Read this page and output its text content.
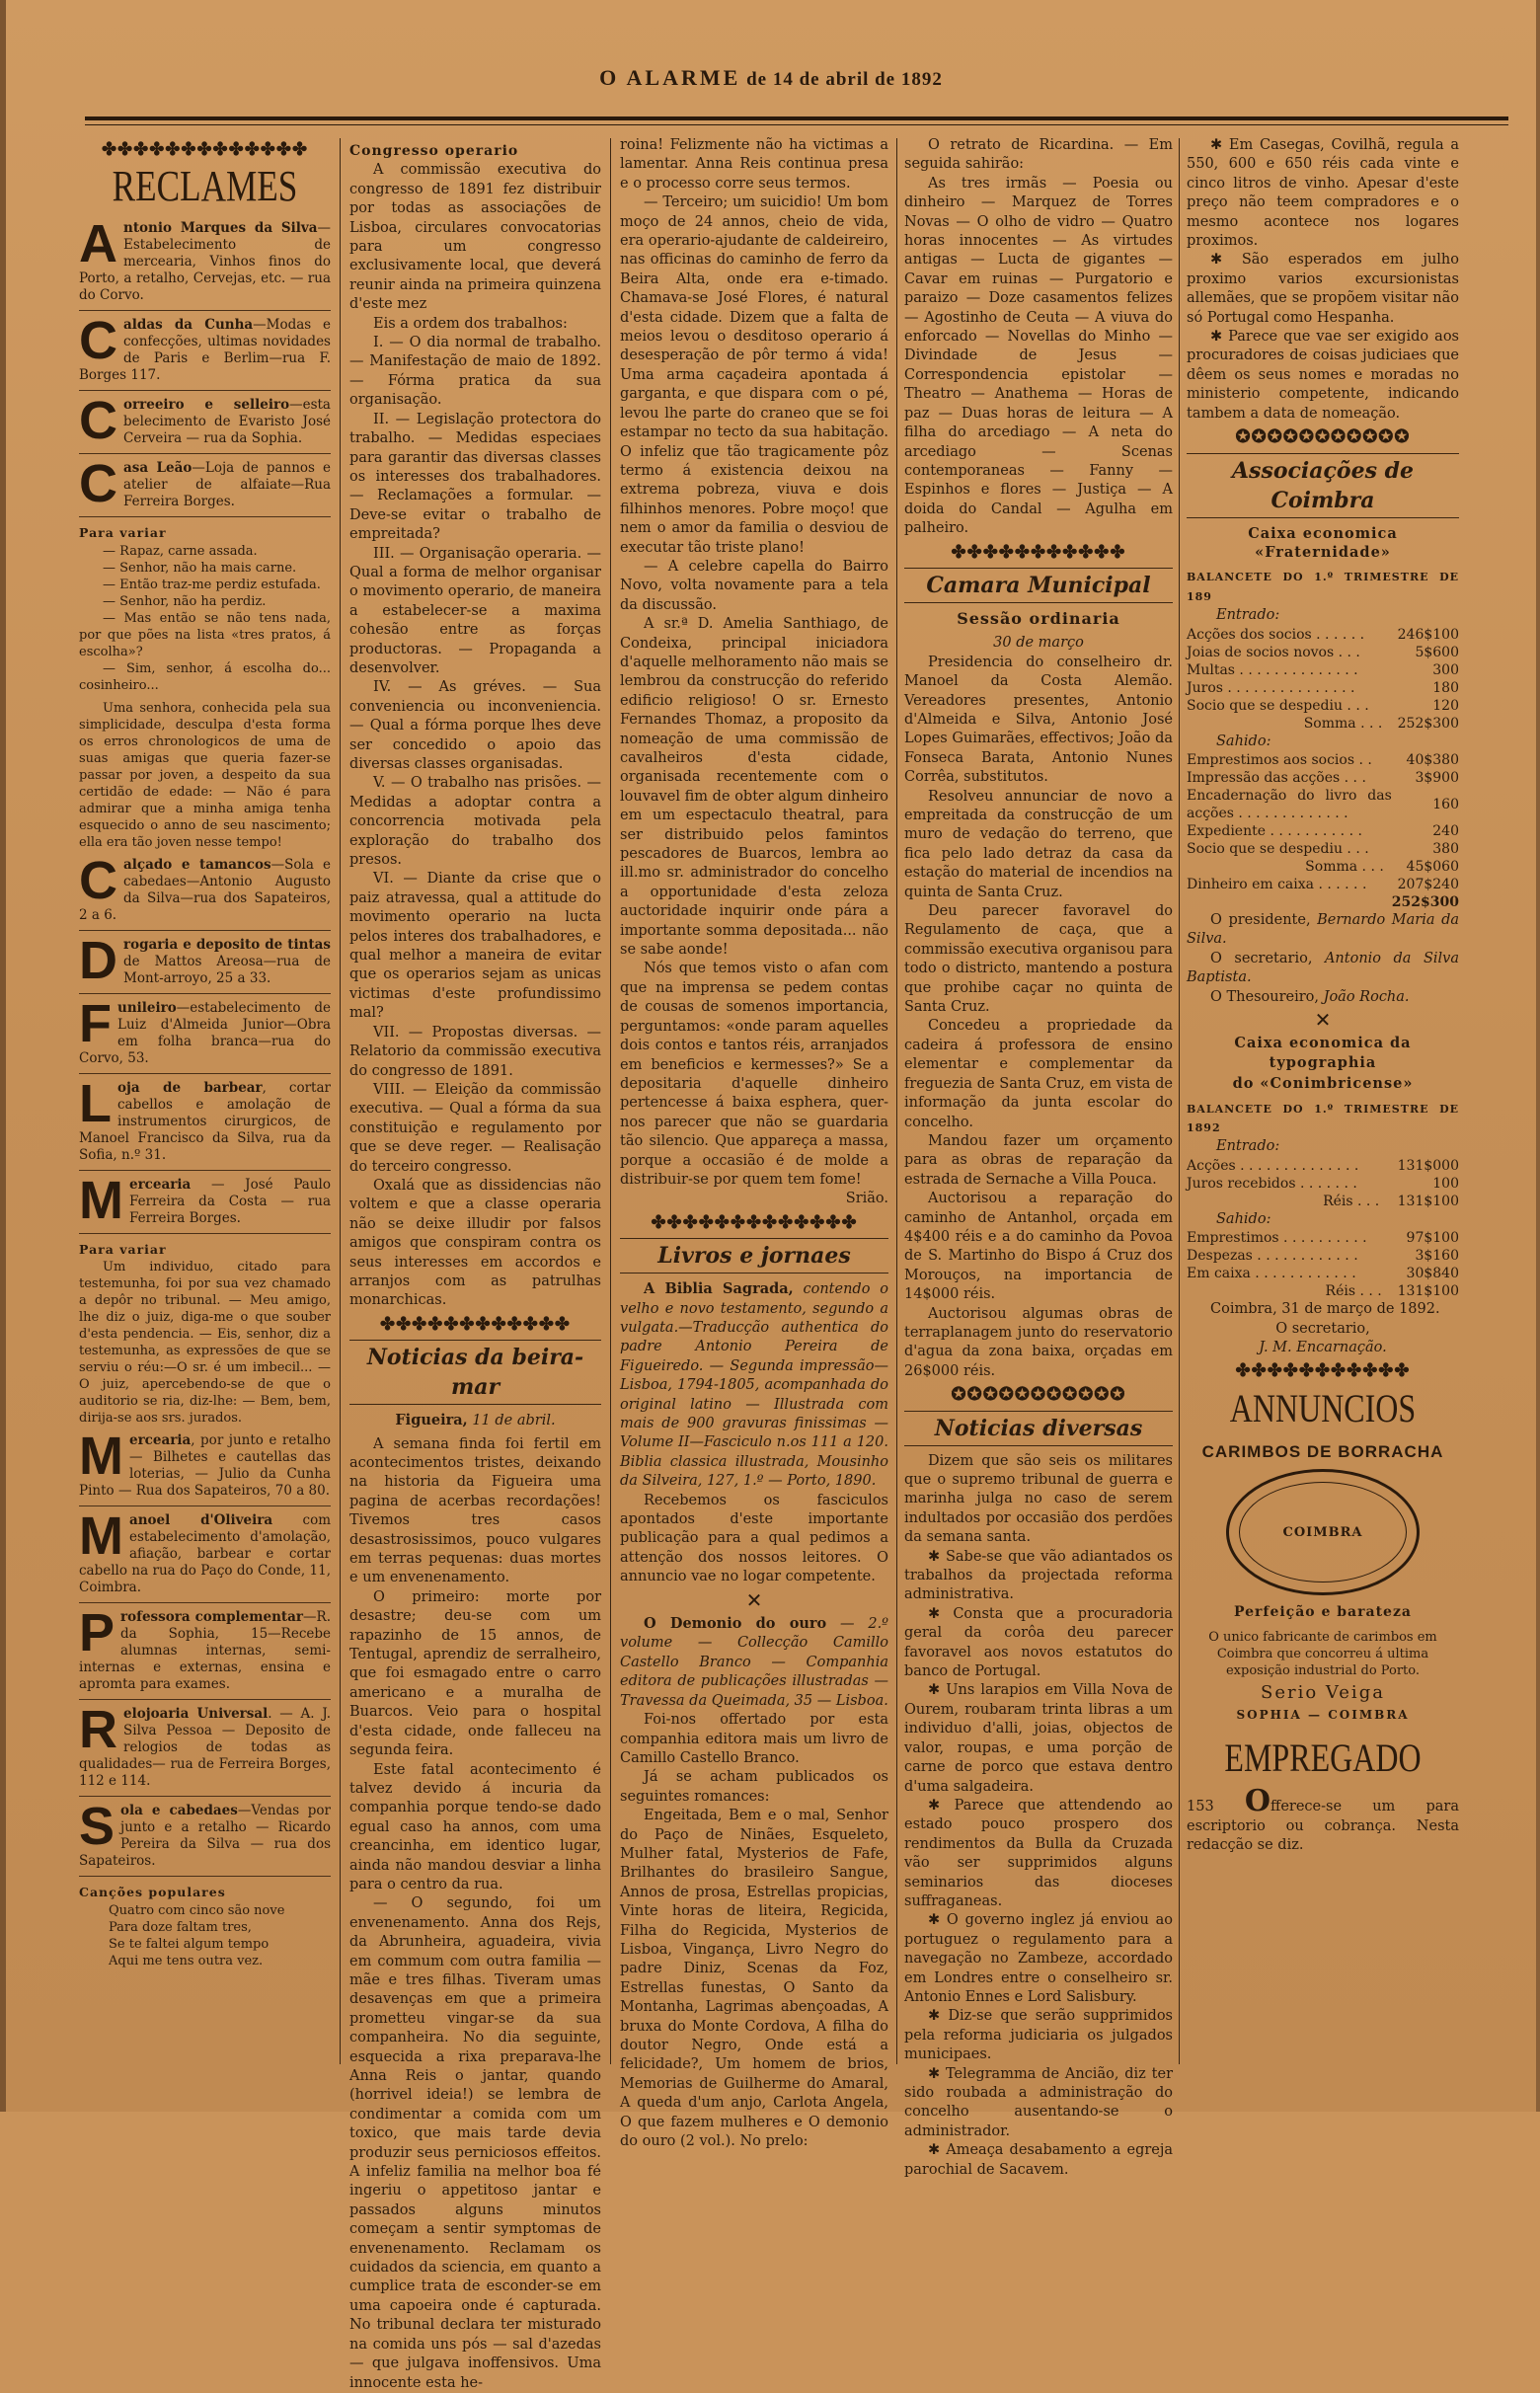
O ALARME de 14 de abril de 1892
✤✤✤✤✤✤✤✤✤✤✤✤✤
RECLAMES
Antonio Marques da Silva—Estabelecimento de mercearia, Vinhos finos do Porto, a retalho, Cervejas, etc. — rua do Corvo.
Caldas da Cunha—Modas e confecções, ultimas novidades de Paris e Berlim—rua F. Borges 117.
Correeiro e selleiro—esta belecimento de Evaristo José Cerveira — rua da Sophia.
Casa Leão—Loja de pannos e atelier de alfaiate—Rua Ferreira Borges.
Para variar

— Rapaz, carne assada.

— Senhor, não ha mais carne.

— Então traz-me perdiz estufada.

— Senhor, não ha perdiz.

— Mas então se não tens nada, por que pões na lista «tres pratos, á escolha»?

— Sim, senhor, á escolha do... cosinheiro...

Uma senhora, conhecida pela sua simplicidade, desculpa d'esta forma os erros chronologicos de uma de suas amigas que queria fazer-se passar por joven, a despeito da sua certidão de edade: — Não é para admirar que a minha amiga tenha esquecido o anno de seu nascimento; ella era tão joven nesse tempo!

Calçado e tamancos—Sola e cabedaes—Antonio Augusto da Silva—rua dos Sapateiros, 2 a 6.
Drogaria e deposito de tintas de Mattos Areosa—rua de Mont-arroyo, 25 a 33.
Funileiro—estabelecimento de Luiz d'Almeida Junior—Obra em folha branca—rua do Corvo, 53.
Loja de barbear, cortar cabellos e amolação de instrumentos cirurgicos, de Manoel Francisco da Silva, rua da Sofia, n.º 31.
Mercearia — José Paulo Ferreira da Costa — rua Ferreira Borges.
Para variar

Um individuo, citado para testemunha, foi por sua vez chamado a depôr no tribunal. — Meu amigo, lhe diz o juiz, diga-me o que souber d'esta pendencia. — Eis, senhor, diz a testemunha, as expressões de que se serviu o réu:—O sr. é um imbecil... — O juiz, apercebendo-se de que o auditorio se ria, diz-lhe: — Bem, bem, dirija-se aos srs. jurados.

Mercearia, por junto e retalho — Bilhetes e cautellas das loterias, — Julio da Cunha Pinto — Rua dos Sapateiros, 70 a 80.
Manoel d'Oliveira com estabelecimento d'amolação, afiação, barbear e cortar cabello na rua do Paço do Conde, 11, Coimbra.
Professora complementar—R. da Sophia, 15—Recebe alumnas internas, semi-internas e externas, ensina e apromta para exames.
Relojoaria Universal. — A. J. Silva Pessoa — Deposito de relogios de todas as qualidades— rua de Ferreira Borges, 112 e 114.
Sola e cabedaes—Vendas por junto e a retalho — Ricardo Pereira da Silva — rua dos Sapateiros.
Canções populares

Quatro com cinco são nove

Para doze faltam tres,

Se te faltei algum tempo

Aqui me tens outra vez.

Congresso operario

A commissão executiva do congresso de 1891 fez distribuir por todas as associações de Lisboa, circulares convocatorias para um congresso exclusivamente local, que deverá reunir ainda na primeira quinzena d'este mez

Eis a ordem dos trabalhos:

I. — O dia normal de trabalho. — Manifestação de maio de 1892. — Fórma pratica da sua organisação.

II. — Legislação protectora do trabalho. — Medidas especiaes para garantir das diversas classes os interesses dos trabalhadores. — Reclamações a formular. — Deve-se evitar o trabalho de empreitada?

III. — Organisação operaria. — Qual a forma de melhor organisar o movimento operario, de maneira a estabelecer-se a maxima cohesão entre as forças productoras. — Propaganda a desenvolver.

IV. — As gréves. — Sua conveniencia ou inconveniencia. — Qual a fórma porque lhes deve ser concedido o apoio das diversas classes organisadas.

V. — O trabalho nas prisões. — Medidas a adoptar contra a concorrencia motivada pela exploração do trabalho dos presos.

VI. — Diante da crise que o paiz atravessa, qual a attitude do movimento operario na lucta pelos interes dos trabalhadores, e qual melhor a maneira de evitar que os operarios sejam as unicas victimas d'este profundissimo mal?

VII. — Propostas diversas. — Relatorio da commissão executiva do congresso de 1891.

VIII. — Eleição da commissão executiva. — Qual a fórma da sua constituição e regulamento por que se deve reger. — Realisação do terceiro congresso.

Oxalá que as dissidencias não voltem e que a classe operaria não se deixe illudir por falsos amigos que conspiram contra os seus interesses em accordos e arranjos com as patrulhas monarchicas.

✤✤✤✤✤✤✤✤✤✤✤✤
Noticias da beira-mar
Figueira, 11 de abril.

A semana finda foi fertil em acontecimentos tristes, deixando na historia da Figueira uma pagina de acerbas recordações! Tivemos tres casos desastrosissimos, pouco vulgares em terras pequenas: duas mortes e um envenenamento.

O primeiro: morte por desastre; deu-se com um rapazinho de 15 annos, de Tentugal, aprendiz de serralheiro, que foi esmagado entre o carro americano e a muralha de Buarcos. Veio para o hospital d'esta cidade, onde falleceu na segunda feira.

Este fatal acontecimento é talvez devido á incuria da companhia porque tendo-se dado egual caso ha annos, com uma creancinha, em identico lugar, ainda não mandou desviar a linha para o centro da rua.

— O segundo, foi um envenenamento. Anna dos Rejs, da Abrunheira, aguadeira, vivia em commum com outra familia — mãe e tres filhas. Tiveram umas desavenças em que a primeira prometteu vingar-se da sua companheira. No dia seguinte, esquecida a rixa preparava-lhe Anna Reis o jantar, quando (horrivel ideia!) se lembra de condimentar a comida com um toxico, que mais tarde devia produzir seus perniciosos effeitos. A infeliz familia na melhor boa fé ingeriu o appetitoso jantar e passados alguns minutos começam a sentir symptomas de envenenamento. Reclamam os cuidados da sciencia, em quanto a cumplice trata de esconder-se em uma capoeira onde é capturada. No tribunal declara ter misturado na comida uns pós — sal d'azedas — que julgava inoffensivos. Uma innocente esta he-

roina! Felizmente não ha victimas a lamentar. Anna Reis continua presa e o processo corre seus termos.

— Terceiro; um suicidio! Um bom moço de 24 annos, cheio de vida, era operario-ajudante de caldeireiro, nas officinas do caminho de ferro da Beira Alta, onde era e-timado. Chamava-se José Flores, é natural d'esta cidade. Dizem que a falta de meios levou o desditoso operario á desesperação de pôr termo á vida! Uma arma caçadeira apontada á garganta, e que dispara com o pé, levou lhe parte do craneo que se foi estampar no tecto da sua habitação. O infeliz que tão tragicamente pôz termo á existencia deixou na extrema pobreza, viuva e dois filhinhos menores. Pobre moço! que nem o amor da familia o desviou de executar tão triste plano!

— A celebre capella do Bairro Novo, volta novamente para a tela da discussão.

A sr.ª D. Amelia Santhiago, de Condeixa, principal iniciadora d'aquelle melhoramento não mais se lembrou da construcção do referido edificio religioso! O sr. Ernesto Fernandes Thomaz, a proposito da nomeação de uma commissão de cavalheiros d'esta cidade, organisada recentemente com o louvavel fim de obter algum dinheiro em um espectaculo theatral, para ser distribuido pelos famintos pescadores de Buarcos, lembra ao ill.mo sr. administrador do concelho a opportunidade d'esta zeloza auctoridade inquirir onde pára a importante somma depositada... não se sabe aonde!

Nós que temos visto o afan com que na imprensa se pedem contas de cousas de somenos importancia, perguntamos: «onde param aquelles dois contos e tantos réis, arranjados em beneficios e kermesses?» Se a depositaria d'aquelle dinheiro pertencesse á baixa esphera, quer-nos parecer que não se guardaria tão silencio. Que appareça a massa, porque a occasião é de molde a distribuir-se por quem tem fome!

Srião.

✤✤✤✤✤✤✤✤✤✤✤✤✤
Livros e jornaes

A Biblia Sagrada, contendo o velho e novo testamento, segundo a vulgata.—Traducção authentica do padre Antonio Pereira de Figueiredo. — Segunda impressão—Lisboa, 1794-1805, acompanhada do original latino — Illustrada com mais de 900 gravuras finissimas —Volume II—Fasciculo n.os 111 a 120. Biblia classica illustrada, Mousinho da Silveira, 127, 1.º — Porto, 1890.

Recebemos os fasciculos apontados d'este importante publicação para a qual pedimos a attenção dos nossos leitores. O annuncio vae no logar competente.

✕

O Demonio do ouro — 2.º volume — Collecção Camillo Castello Branco — Companhia editora de publicações illustradas — Travessa da Queimada, 35 — Lisboa.

Foi-nos offertado por esta companhia editora mais um livro de Camillo Castello Branco.

Já se acham publicados os seguintes romances:

Engeitada, Bem e o mal, Senhor do Paço de Ninães, Esqueleto, Mulher fatal, Mysterios de Fafe, Brilhantes do brasileiro Sangue, Annos de prosa, Estrellas propicias, Vinte horas de liteira, Regicida, Filha do Regicida, Mysterios de Lisboa, Vingança, Livro Negro do padre Diniz, Scenas da Foz, Estrellas funestas, O Santo da Montanha, Lagrimas abençoadas, A bruxa do Monte Cordova, A filha do doutor Negro, Onde está a felicidade?, Um homem de brios, Memorias de Guilherme do Amaral, A queda d'um anjo, Carlota Angela, O que fazem mulheres e O demonio do ouro (2 vol.). No prelo:

O retrato de Ricardina. — Em seguida sahirão:

As tres irmãs — Poesia ou dinheiro — Marquez de Torres Novas — O olho de vidro — Quatro horas innocentes — As virtudes antigas — Lucta de gigantes — Cavar em ruinas — Purgatorio e paraizo — Doze casamentos felizes — Agostinho de Ceuta — A viuva do enforcado — Novellas do Minho — Divindade de Jesus — Correspondencia epistolar — Theatro — Anathema — Horas de paz — Duas horas de leitura — A filha do arcediago — A neta do arcediago — Scenas contemporaneas — Fanny — Espinhos e flores — Justiça — A doida do Candal — Agulha em palheiro.

✤✤✤✤✤✤✤✤✤✤✤
Camara Municipal
Sessão ordinaria
30 de março

Presidencia do conselheiro dr. Manoel da Costa Alemão. Vereadores presentes, Antonio d'Almeida e Silva, Antonio José Lopes Guimarães, effectivos; João da Fonseca Barata, Antonio Nunes Corrêa, substitutos.

Resolveu annunciar de novo a empreitada da construcção de um muro de vedação do terreno, que fica pelo lado detraz da casa da estação do material de incendios na quinta de Santa Cruz.

Deu parecer favoravel do Regulamento de caça, que a commissão executiva organisou para todo o districto, mantendo a postura que prohibe caçar no quinta de Santa Cruz.

Concedeu a propriedade da cadeira á professora de ensino elementar e complementar da freguezia de Santa Cruz, em vista de informação da junta escolar do concelho.

Mandou fazer um orçamento para as obras de reparação da estrada de Sernache a Villa Pouca.

Auctorisou a reparação do caminho de Antanhol, orçada em 4$400 réis e a do caminho da Povoa de S. Martinho do Bispo á Cruz dos Morouços, na importancia de 14$000 réis.

Auctorisou algumas obras de terraplanagem junto do reservatorio d'agua da zona baixa, orçadas em 26$000 réis.

✪✪✪✪✪✪✪✪✪✪✪
Noticias diversas

Dizem que são seis os militares que o supremo tribunal de guerra e marinha julga no caso de serem indultados por occasião dos perdões da semana santa.

✱ Sabe-se que vão adiantados os trabalhos da projectada reforma administrativa.

✱ Consta que a procuradoria geral da corôa deu parecer favoravel aos novos estatutos do banco de Portugal.

✱ Uns larapios em Villa Nova de Ourem, roubaram trinta libras a um individuo d'alli, joias, objectos de valor, roupas, e uma porção de carne de porco que estava dentro d'uma salgadeira.

✱ Parece que attendendo ao estado pouco prospero dos rendimentos da Bulla da Cruzada vão ser supprimidos alguns seminarios das dioceses suffraganeas.

✱ O governo inglez já enviou ao portuguez o regulamento para a navegação no Zambeze, accordado em Londres entre o conselheiro sr. Antonio Ennes e Lord Salisbury.

✱ Diz-se que serão supprimidos pela reforma judiciaria os julgados municipaes.

✱ Telegramma de Ancião, diz ter sido roubada a administração do concelho ausentando-se o administrador.

✱ Ameaça desabamento a egreja parochial de Sacavem.

✱ Em Casegas, Covilhã, regula a 550, 600 e 650 réis cada vinte e cinco litros de vinho. Apesar d'este preço não teem compradores e o mesmo acontece nos logares proximos.

✱ São esperados em julho proximo varios excursionistas allemães, que se propõem visitar não só Portugal como Hespanha.

✱ Parece que vae ser exigido aos procuradores de coisas judiciaes que dêem os seus nomes e moradas no ministerio competente, indicando tambem a data de nomeação.

✪✪✪✪✪✪✪✪✪✪✪
Associações de Coimbra
Caixa economica «Fraternidade»
BALANCETE DO 1.º TRIMESTRE DE 189
Entrado:
Acções dos socios . . . . . .	246$100
Joias de socios novos . . .	5$600
Multas . . . . . . . . . . . . . .	300
Juros . . . . . . . . . . . . . . .	180
Socio que se despediu . . .	120
Somma . . .	252$300
Sahido:
Emprestimos aos socios . .	40$380
Impressão das acções . . .	3$900
Encadernação do livro das acções . . . . . . . . . . . . .	160
Expediente . . . . . . . . . . .	240
Socio que se despediu . . .	380
Somma . . .	45$060
Dinheiro em caixa . . . . . .	207$240
	252$300

O presidente, Bernardo Maria da Silva.

O secretario, Antonio da Silva Baptista.

O Thesoureiro, João Rocha.

✕
Caixa economica da typographia
do «Conimbricense»
BALANCETE DO 1.º TRIMESTRE DE 1892
Entrado:
Acções . . . . . . . . . . . . . .	131$000
Juros recebidos . . . . . . .	100
Réis . . .	131$100
Sahido:
Emprestimos . . . . . . . . . .	97$100
Despezas . . . . . . . . . . . .	3$160
Em caixa . . . . . . . . . . . .	30$840
Réis . . .	131$100

Coimbra, 31 de março de 1892.

O secretario,

J. M. Encarnação.

✤✤✤✤✤✤✤✤✤✤✤
ANNUNCIOS
CARIMBOS DE BORRACHA
COIMBRA
Perfeição e barateza

O unico fabricante de carimbos em Coimbra que concorreu á ultima exposição industrial do Porto.

Serio Veiga
SOPHIA — COIMBRA
EMPREGADO

153 Offerece-se um para escriptorio ou cobrança. Nesta redacção se diz.
